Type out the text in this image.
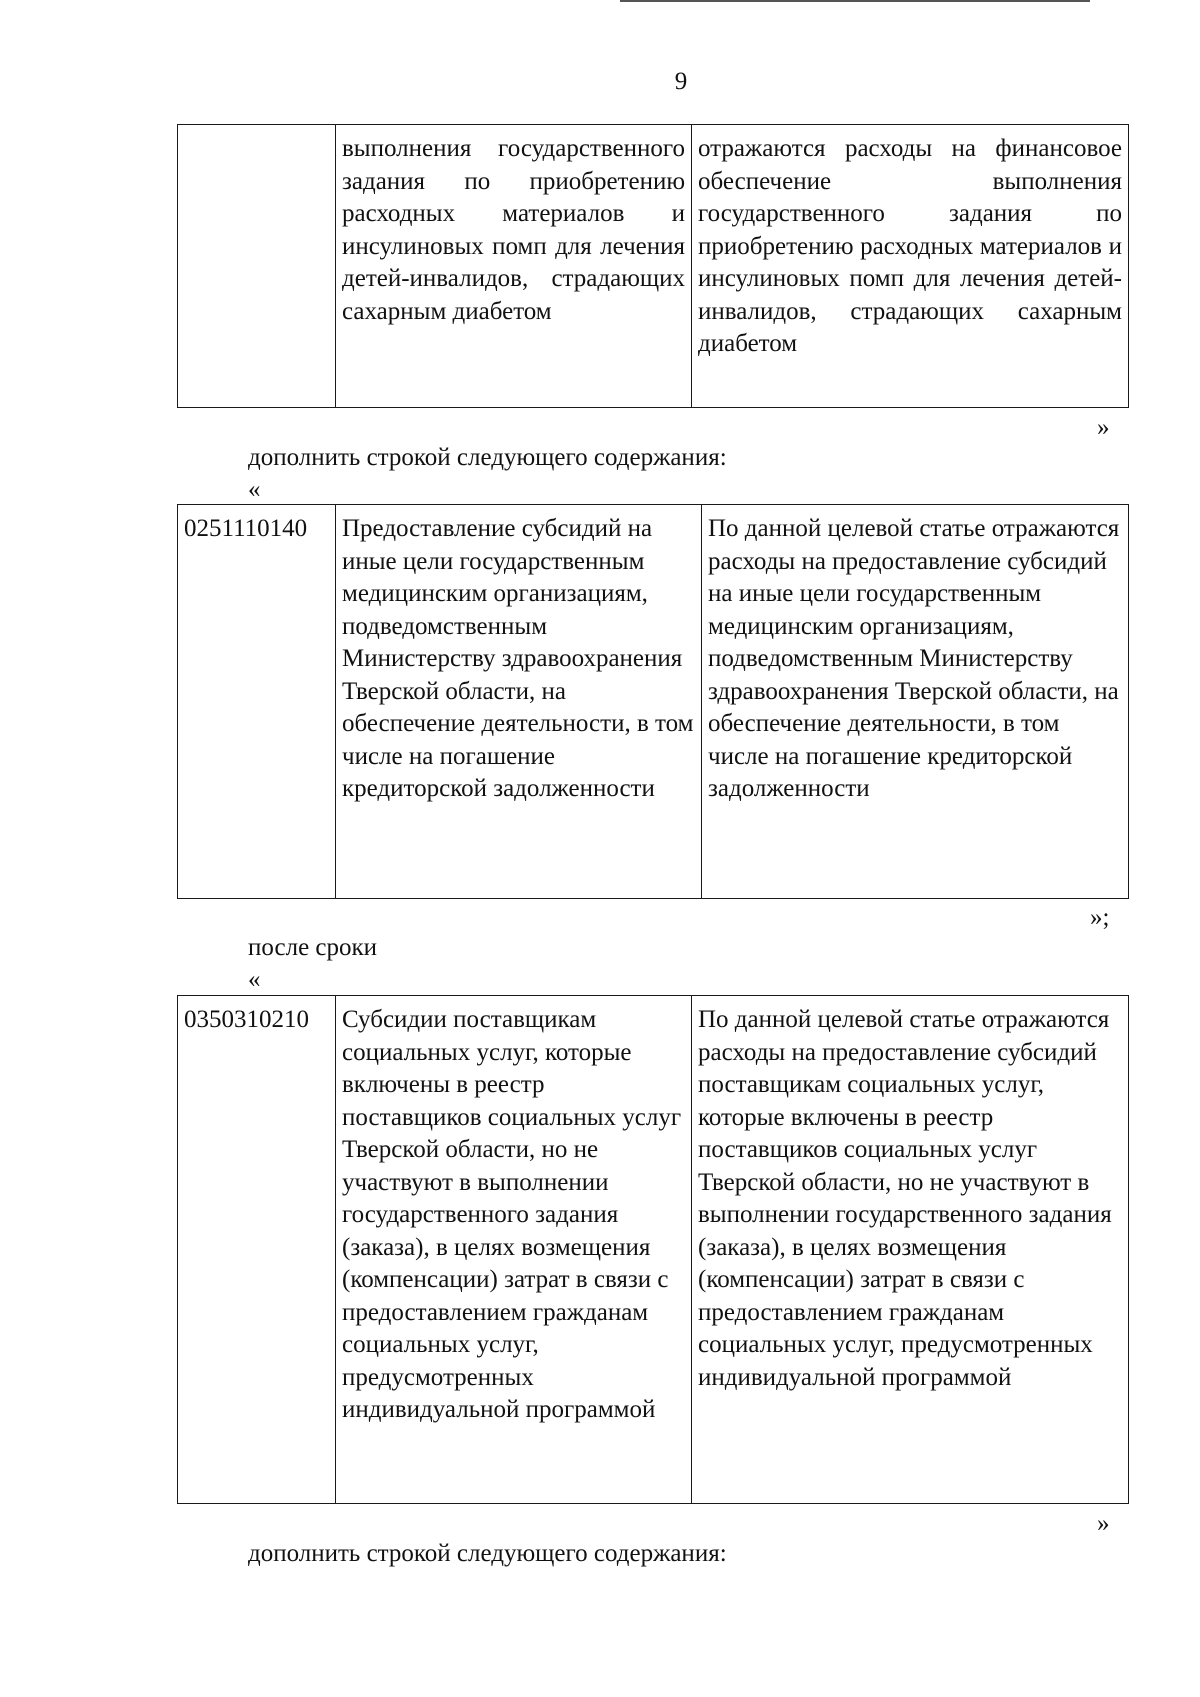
9
	выполнения государственного задания по приобретению расходных материалов и инсулиновых помп для лечения детей-инвалидов, страдающих сахарным диабетом	отражаются расходы на финансовое обеспечение выполнения государственного задания по приобретению расходных материалов и инсулиновых помп для лечения детей-инвалидов, страдающих сахарным диабетом
»
дополнить строкой следующего содержания:
«
0251110140	Предоставление субсидий на иные цели государственным медицинским организациям, подведомственным Министерству здравоохранения Тверской области, на обеспечение деятельности, в том числе на погашение кредиторской задолженности	По данной целевой статье отражаются расходы на предоставление субсидий на иные цели государственным медицинским организациям, подведомственным Министерству здравоохранения Тверской области, на обеспечение деятельности, в том числе на погашение кредиторской задолженности
»;
после сроки
«
0350310210	Субсидии поставщикам социальных услуг, которые включены в реестр поставщиков социальных услуг Тверской области, но не участвуют в выполнении государственного задания (заказа), в целях возмещения (компенсации) затрат в связи с предоставлением гражданам социальных услуг, предусмотренных индивидуальной программой	По данной целевой статье отражаются расходы на предоставление субсидий поставщикам социальных услуг, которые включены в реестр поставщиков социальных услуг Тверской области, но не участвуют в выполнении государственного задания (заказа), в целях возмещения (компенсации) затрат в связи с предоставлением гражданам социальных услуг, предусмотренных индивидуальной программой
»
дополнить строкой следующего содержания:
